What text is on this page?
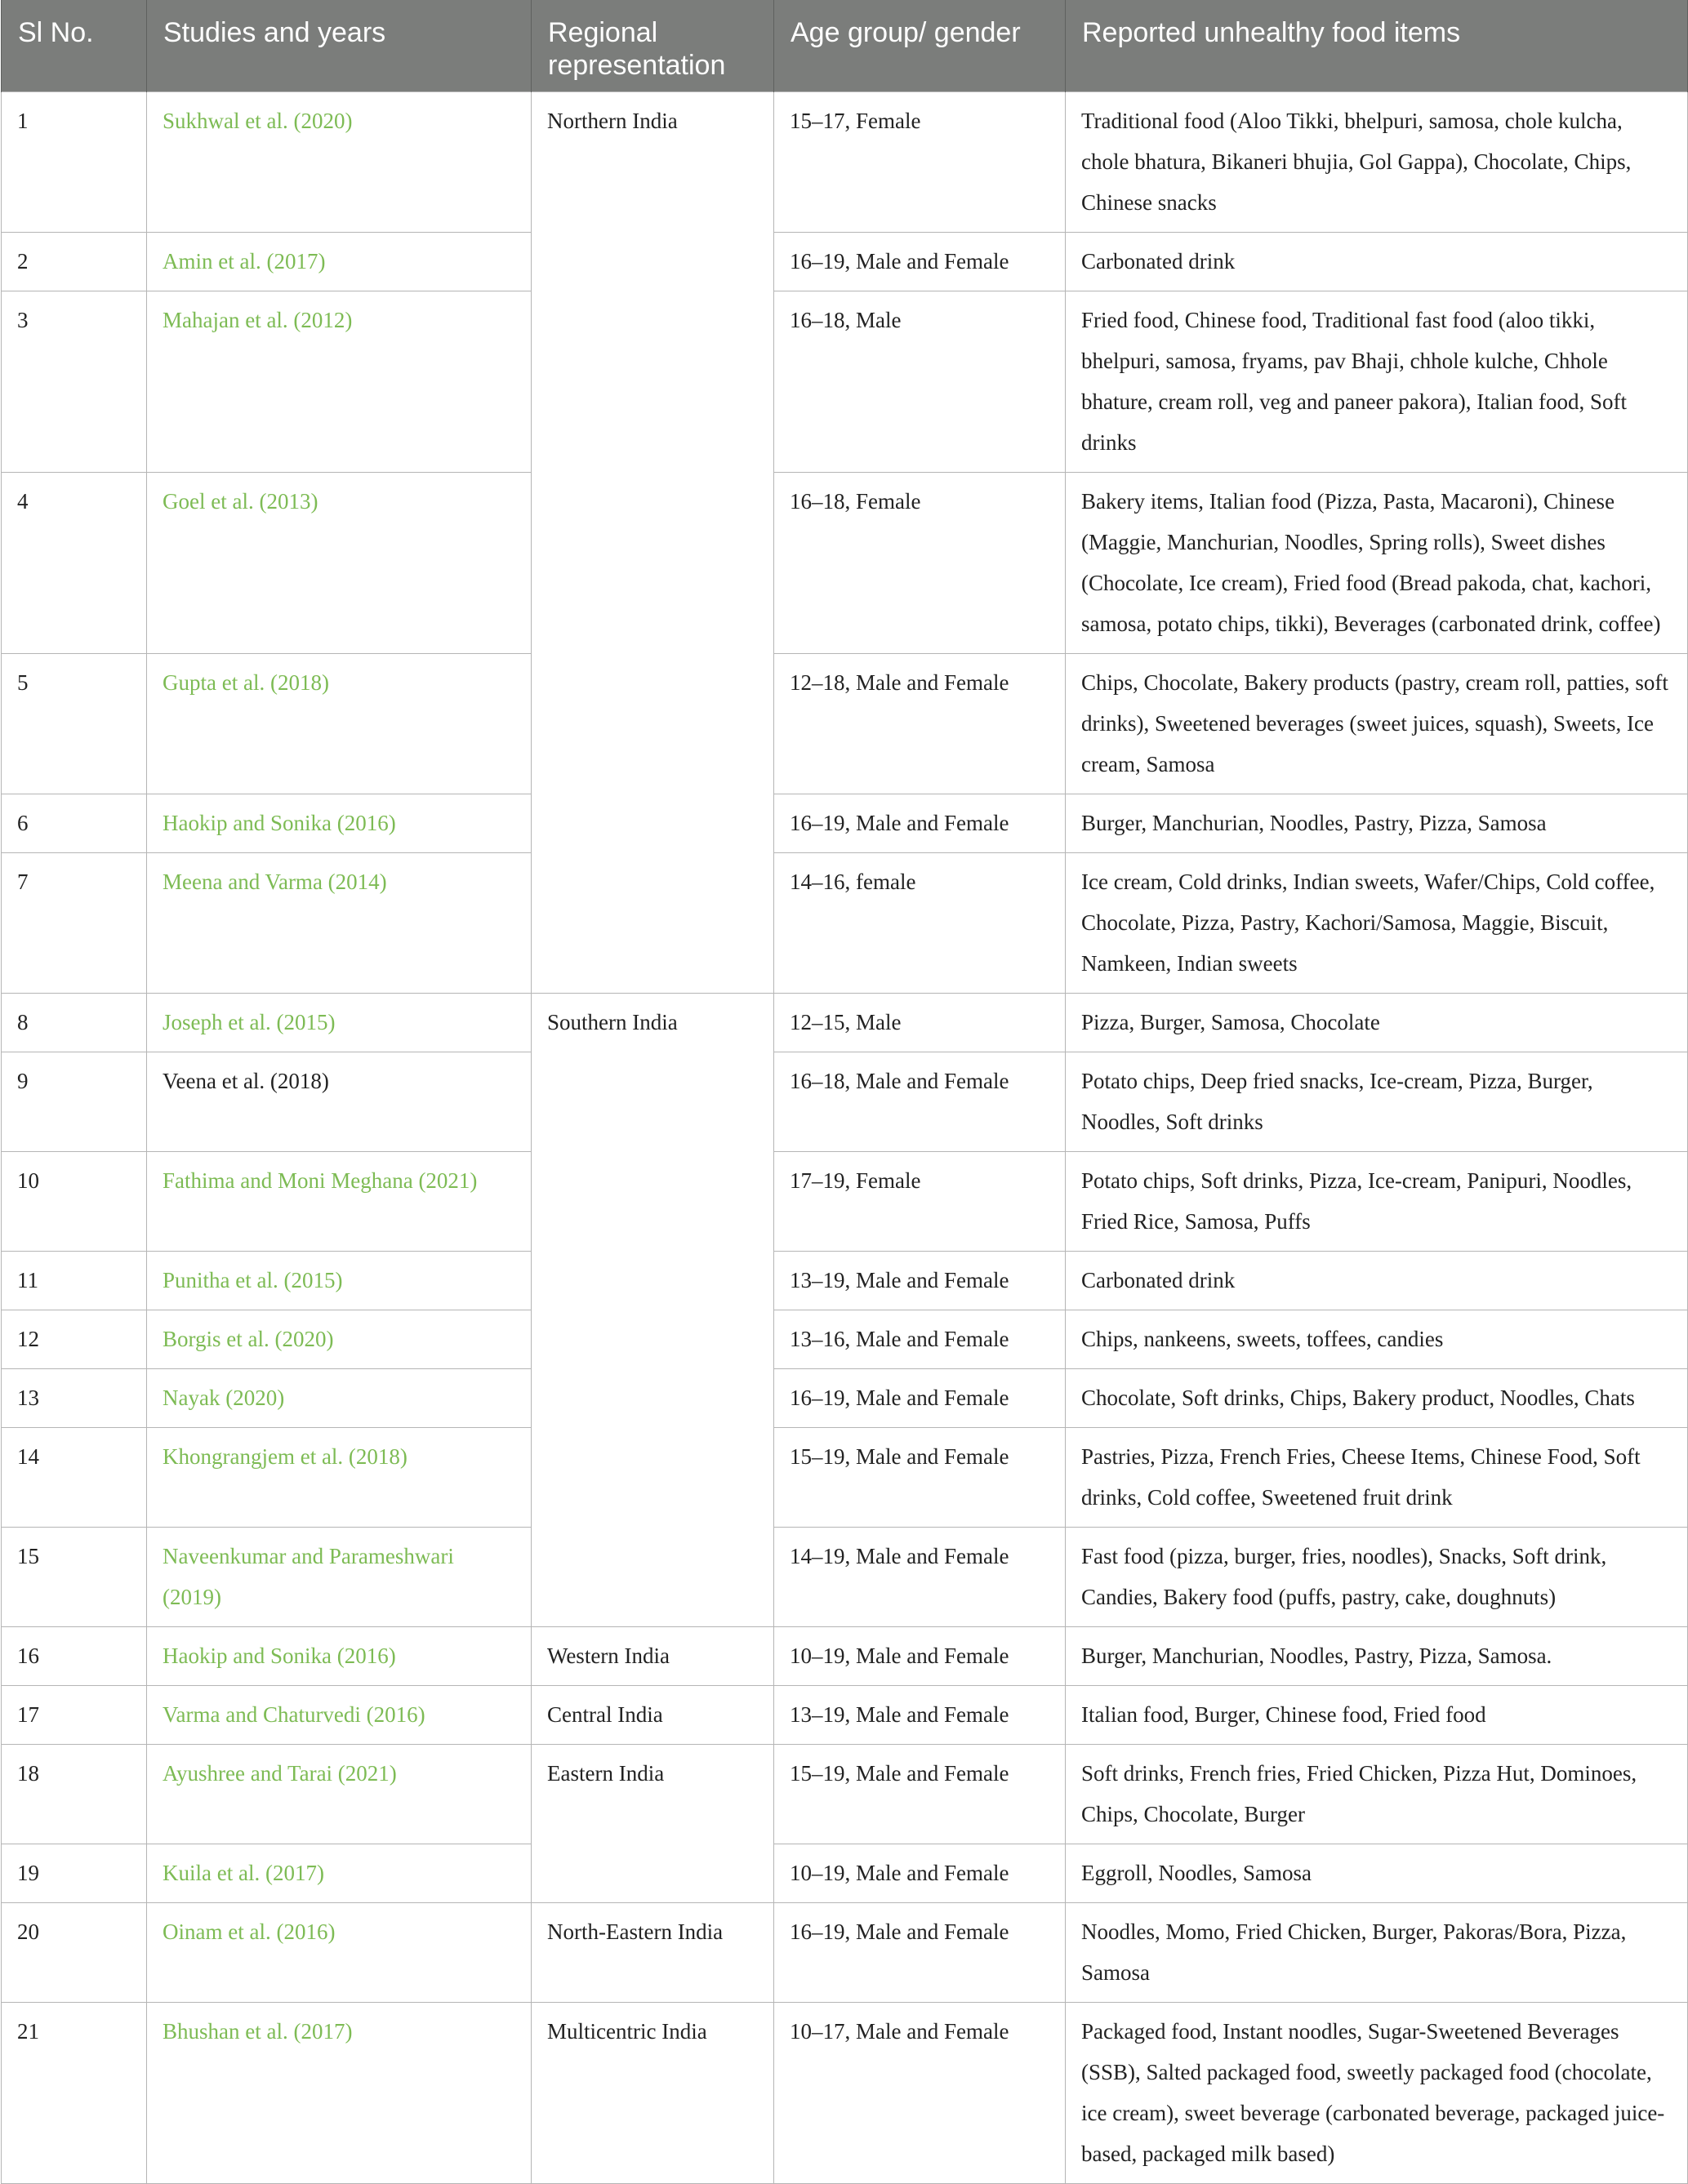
Sl No.	Studies and years	Regional representation	Age group/ gender	Reported unhealthy food items
1	Sukhwal et al. (2020)	Northern India	15–17, Female	Traditional food (Aloo Tikki, bhelpuri, samosa, chole kulcha, chole bhatura, Bikaneri bhujia, Gol Gappa), Chocolate, Chips, Chinese snacks
2	Amin et al. (2017)		16–19, Male and Female	Carbonated drink
3	Mahajan et al. (2012)		16–18, Male	Fried food, Chinese food, Traditional fast food (aloo tikki, bhelpuri, samosa, fryams, pav Bhaji, chhole kulche, Chhole bhature, cream roll, veg and paneer pakora), Italian food, Soft drinks
4	Goel et al. (2013)		16–18, Female	Bakery items, Italian food (Pizza, Pasta, Macaroni), Chinese (Maggie, Manchurian, Noodles, Spring rolls), Sweet dishes (Chocolate, Ice cream), Fried food (Bread pakoda, chat, kachori, samosa, potato chips, tikki), Beverages (carbonated drink, coffee)
5	Gupta et al. (2018)		12–18, Male and Female	Chips, Chocolate, Bakery products (pastry, cream roll, patties, soft drinks), Sweetened beverages (sweet juices, squash), Sweets, Ice cream, Samosa
6	Haokip and Sonika (2016)		16–19, Male and Female	Burger, Manchurian, Noodles, Pastry, Pizza, Samosa
7	Meena and Varma (2014)		14–16, female	Ice cream, Cold drinks, Indian sweets, Wafer/Chips, Cold coffee, Chocolate, Pizza, Pastry, Kachori/Samosa, Maggie, Biscuit, Namkeen, Indian sweets
8	Joseph et al. (2015)	Southern India	12–15, Male	Pizza, Burger, Samosa, Chocolate
9	Veena et al. (2018)		16–18, Male and Female	Potato chips, Deep fried snacks, Ice-cream, Pizza, Burger, Noodles, Soft drinks
10	Fathima and Moni Meghana (2021)		17–19, Female	Potato chips, Soft drinks, Pizza, Ice-cream, Panipuri, Noodles, Fried Rice, Samosa, Puffs
11	Punitha et al. (2015)		13–19, Male and Female	Carbonated drink
12	Borgis et al. (2020)		13–16, Male and Female	Chips, nankeens, sweets, toffees, candies
13	Nayak (2020)		16–19, Male and Female	Chocolate, Soft drinks, Chips, Bakery product, Noodles, Chats
14	Khongrangjem et al. (2018)		15–19, Male and Female	Pastries, Pizza, French Fries, Cheese Items, Chinese Food, Soft drinks, Cold coffee, Sweetened fruit drink
15	Naveenkumar and Parameshwari (2019)		14–19, Male and Female	Fast food (pizza, burger, fries, noodles), Snacks, Soft drink, Candies, Bakery food (puffs, pastry, cake, doughnuts)
16	Haokip and Sonika (2016)	Western India	10–19, Male and Female	Burger, Manchurian, Noodles, Pastry, Pizza, Samosa.
17	Varma and Chaturvedi (2016)	Central India	13–19, Male and Female	Italian food, Burger, Chinese food, Fried food
18	Ayushree and Tarai (2021)	Eastern India	15–19, Male and Female	Soft drinks, French fries, Fried Chicken, Pizza Hut, Dominoes, Chips, Chocolate, Burger
19	Kuila et al. (2017)		10–19, Male and Female	Eggroll, Noodles, Samosa
20	Oinam et al. (2016)	North-Eastern India	16–19, Male and Female	Noodles, Momo, Fried Chicken, Burger, Pakoras/Bora, Pizza, Samosa
21	Bhushan et al. (2017)	Multicentric India	10–17, Male and Female	Packaged food, Instant noodles, Sugar-Sweetened Beverages (SSB), Salted packaged food, sweetly packaged food (chocolate, ice cream), sweet beverage (carbonated beverage, packaged juice-based, packaged milk based)
